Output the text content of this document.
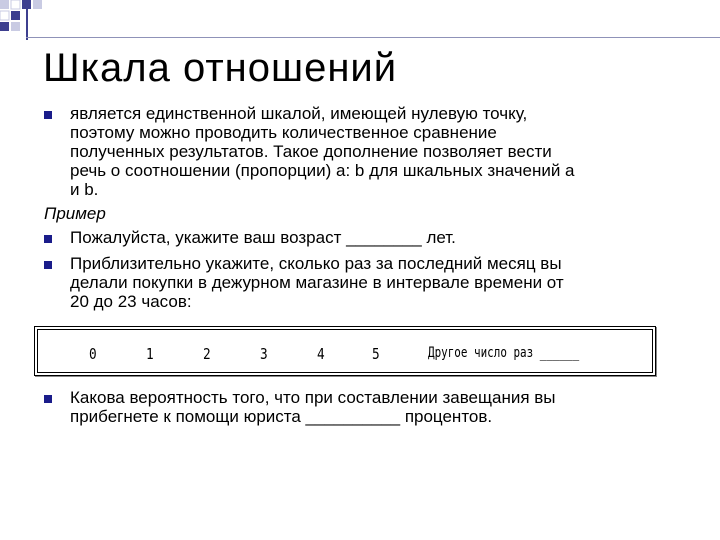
Шкала отношений
является единственной шкалой, имеющей нулевую точку,
поэтому можно проводить количественное сравнение
полученных результатов. Такое дополнение позволяет вести
речь о соотношении (пропорции) a: b для шкальных значений a
и b.
Пример
Пожалуйста, укажите ваш возраст ________ лет.
Приблизительно укажите, сколько раз за последний месяц вы
делали покупки в дежурном магазине в интервале времени от
20 до 23 часов:
0	1	2	3	4	5	Другое число раз ______
Какова вероятность того, что при составлении завещания вы
прибегнете к помощи юриста __________ процентов.
